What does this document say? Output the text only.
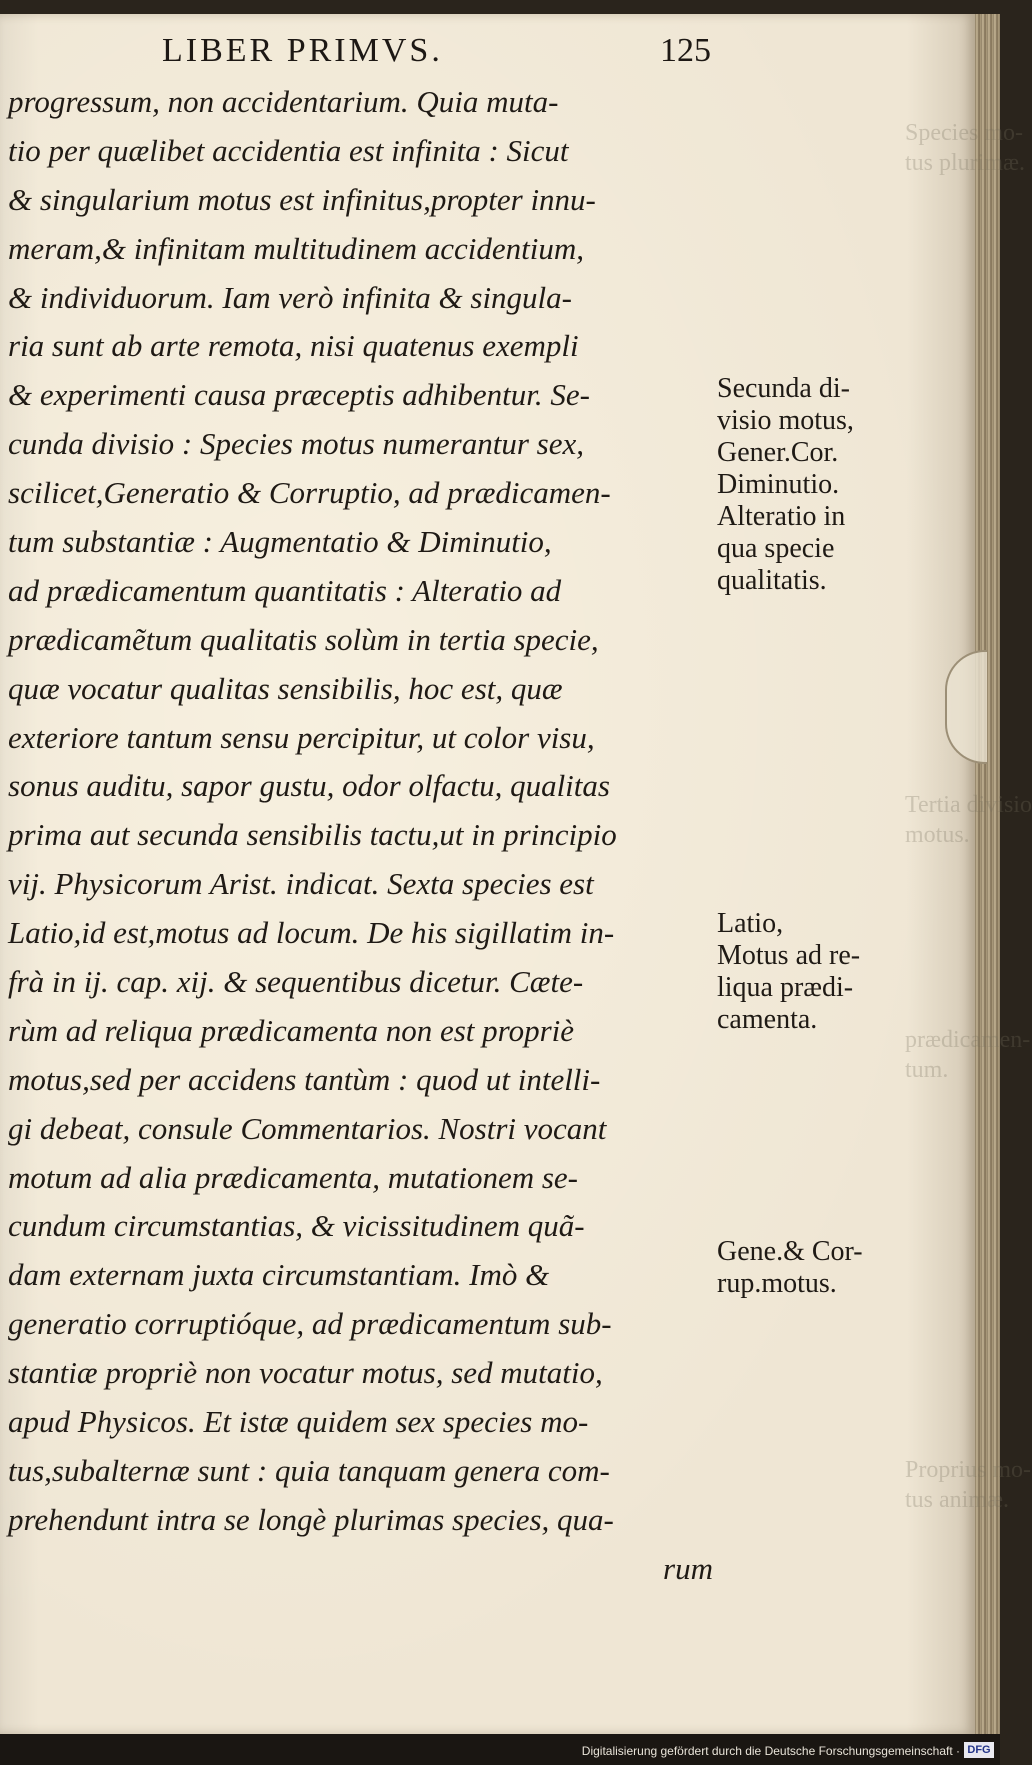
Species mo-
tus plurimæ.
Tertia divisio
motus.
prædicamen-
tum.
Proprius mo-
tus animæ.
LIBER PRIMVS.	125
progressum, non accidentarium. Quia muta-
tio per quælibet accidentia est infinita : Sicut
& singularium motus est infinitus,propter innu-
meram,& infinitam multitudinem accidentium,
& individuorum. Iam verò infinita & singula-
ria sunt ab arte remota, nisi quatenus exempli
& experimenti causa præceptis adhibentur. Se-
cunda divisio : Species motus numerantur sex,
scilicet,Generatio & Corruptio, ad prædicamen-
tum substantiæ : Augmentatio & Diminutio,
ad prædicamentum quantitatis : Alteratio ad
prædicamẽtum qualitatis solùm in tertia specie,
quæ vocatur qualitas sensibilis, hoc est, quæ
exteriore tantum sensu percipitur, ut color visu,
sonus auditu, sapor gustu, odor olfactu, qualitas
prima aut secunda sensibilis tactu,ut in principio
vij. Physicorum Arist. indicat. Sexta species est
Latio,id est,motus ad locum. De his sigillatim in-
frà in ij. cap. xij. & sequentibus dicetur. Cæte-
rùm ad reliqua prædicamenta non est propriè
motus,sed per accidens tantùm : quod ut intelli-
gi debeat, consule Commentarios. Nostri vocant
motum ad alia prædicamenta, mutationem se-
cundum circumstantias, & vicissitudinem quã-
dam externam juxta circumstantiam. Imò &
generatio corruptióque, ad prædicamentum sub-
stantiæ propriè non vocatur motus, sed mutatio,
apud Physicos. Et istæ quidem sex species mo-
tus,subalternæ sunt : quia tanquam genera com-
prehendunt intra se longè plurimas species, qua-
rum
Secunda di-
visio motus,
Gener.Cor.
Diminutio.
Alteratio in
qua specie
qualitatis.
Latio,
Motus ad re-
liqua prædi-
camenta.
Gene.& Cor-
rup.motus.
Digitalisierung gefördert durch die Deutsche Forschungsgemeinschaft · DFG
